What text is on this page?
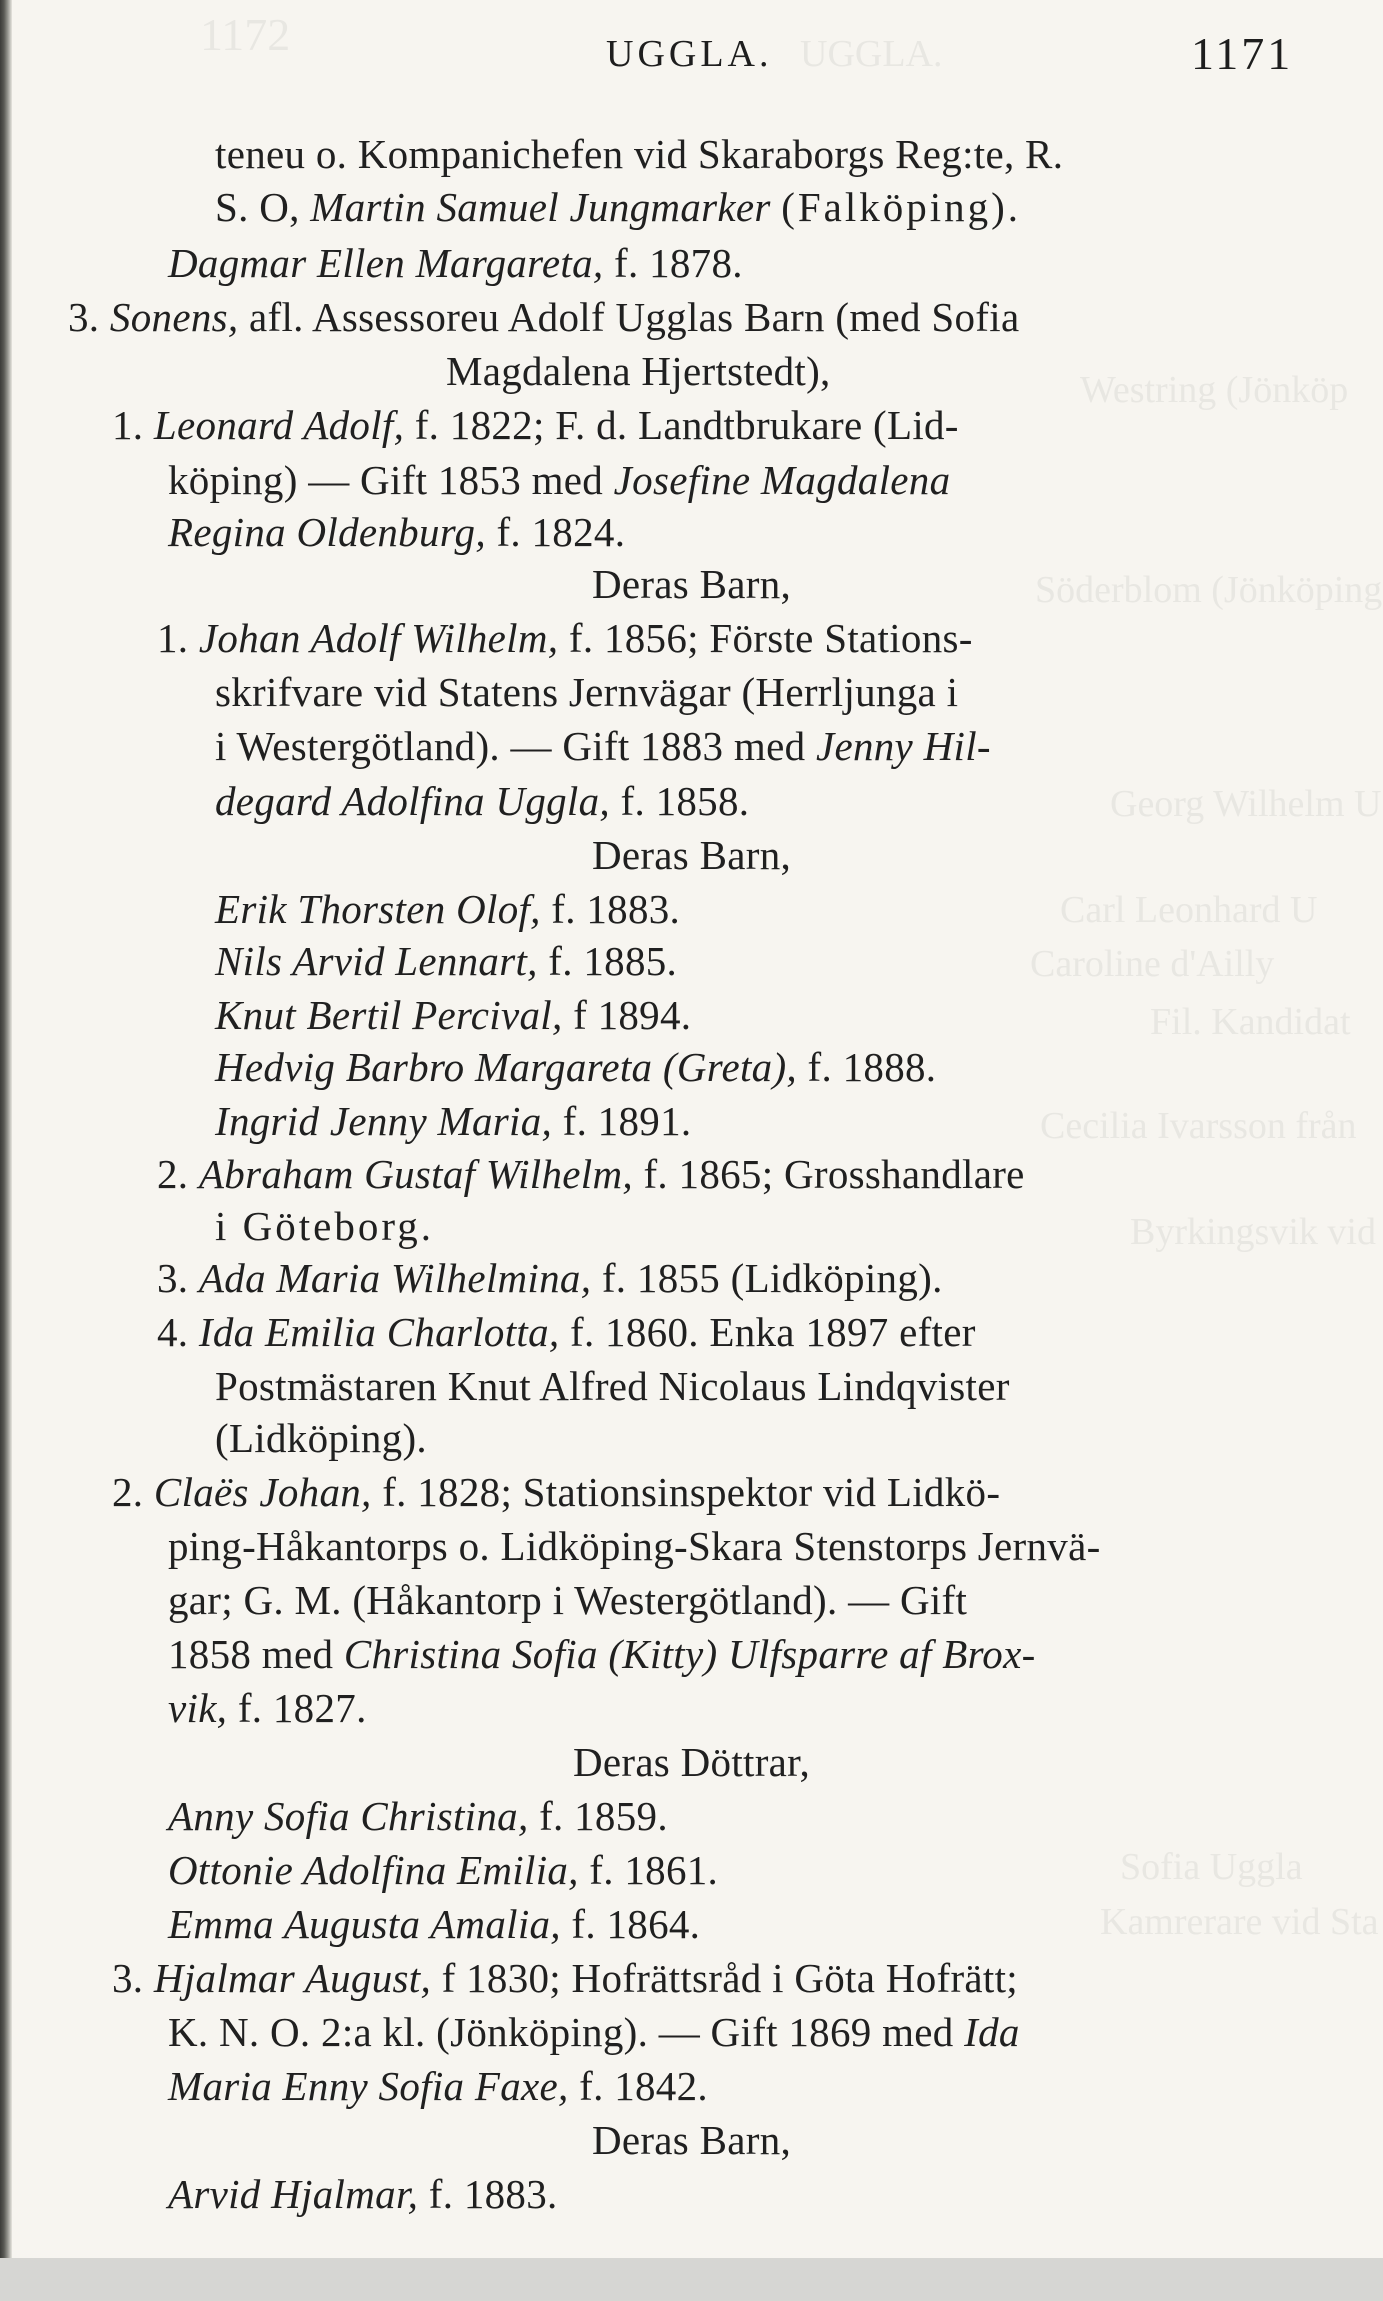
1172	UGGLA.
Westring (Jönköp
Söderblom (Jönköping
Georg Wilhelm U
Carl Leonhard U
Caroline d'Ailly
Fil. Kandidat
Cecilia Ivarsson från
Byrkingsvik vid
Kamrerare vid Sta
Sofia Uggla
UGGLA.	1171
teneu o. Kompanichefen vid Skaraborgs Reg:te, R.
S. O, Martin Samuel Jungmarker (Falköping).
Dagmar Ellen Margareta, f. 1878.
3. Sonens, afl. Assessoreu Adolf Ugglas Barn (med Sofia
Magdalena Hjertstedt),
1. Leonard Adolf, f. 1822; F. d. Landtbrukare (Lid-
köping) — Gift 1853 med Josefine Magdalena
Regina Oldenburg, f. 1824.
Deras Barn,
1. Johan Adolf Wilhelm, f. 1856; Förste Stations-
skrifvare vid Statens Jernvägar (Herrljunga i
i Westergötland). — Gift 1883 med Jenny Hil-
degard Adolfina Uggla, f. 1858.
Deras Barn,
Erik Thorsten Olof, f. 1883.
Nils Arvid Lennart, f. 1885.
Knut Bertil Percival, f 1894.
Hedvig Barbro Margareta (Greta), f. 1888.
Ingrid Jenny Maria, f. 1891.
2. Abraham Gustaf Wilhelm, f. 1865; Grosshandlare
i Göteborg.
3. Ada Maria Wilhelmina, f. 1855 (Lidköping).
4. Ida Emilia Charlotta, f. 1860. Enka 1897 efter
Postmästaren Knut Alfred Nicolaus Lindqvister
(Lidköping).
2. Claës Johan, f. 1828; Stationsinspektor vid Lidkö-
ping-Håkantorps o. Lidköping-Skara Stenstorps Jernvä-
gar; G. M. (Håkantorp i Westergötland). — Gift
1858 med Christina Sofia (Kitty) Ulfsparre af Brox-
vik, f. 1827.
Deras Döttrar,
Anny Sofia Christina, f. 1859.
Ottonie Adolfina Emilia, f. 1861.
Emma Augusta Amalia, f. 1864.
3. Hjalmar August, f 1830; Hofrättsråd i Göta Hofrätt;
K. N. O. 2:a kl. (Jönköping). — Gift 1869 med Ida
Maria Enny Sofia Faxe, f. 1842.
Deras Barn,
Arvid Hjalmar, f. 1883.
